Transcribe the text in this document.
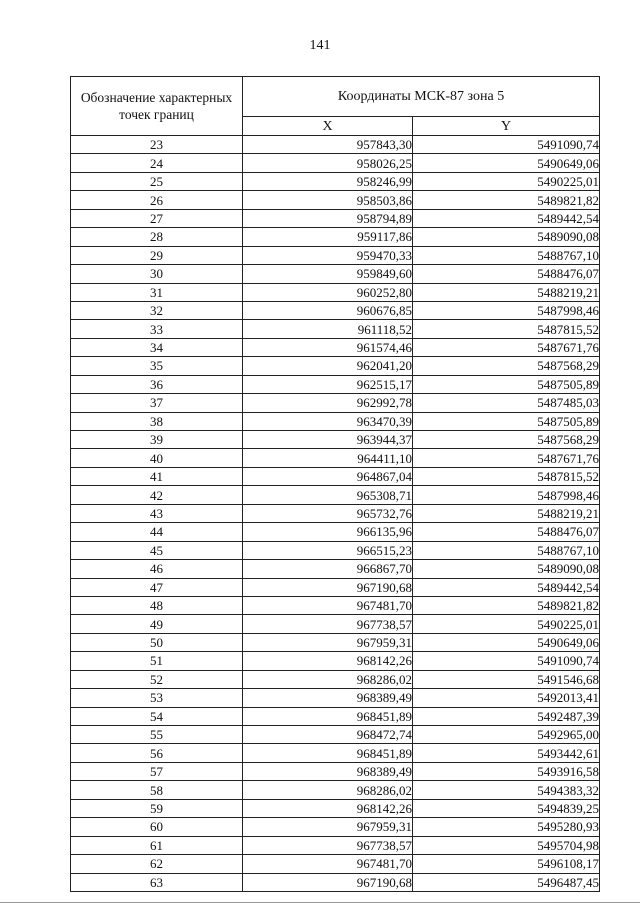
141
Обозначение характерных точек границ	Координаты МСК-87 зона 5	
	X	Y
23	957843,30	5491090,74
24	958026,25	5490649,06
25	958246,99	5490225,01
26	958503,86	5489821,82
27	958794,89	5489442,54
28	959117,86	5489090,08
29	959470,33	5488767,10
30	959849,60	5488476,07
31	960252,80	5488219,21
32	960676,85	5487998,46
33	961118,52	5487815,52
34	961574,46	5487671,76
35	962041,20	5487568,29
36	962515,17	5487505,89
37	962992,78	5487485,03
38	963470,39	5487505,89
39	963944,37	5487568,29
40	964411,10	5487671,76
41	964867,04	5487815,52
42	965308,71	5487998,46
43	965732,76	5488219,21
44	966135,96	5488476,07
45	966515,23	5488767,10
46	966867,70	5489090,08
47	967190,68	5489442,54
48	967481,70	5489821,82
49	967738,57	5490225,01
50	967959,31	5490649,06
51	968142,26	5491090,74
52	968286,02	5491546,68
53	968389,49	5492013,41
54	968451,89	5492487,39
55	968472,74	5492965,00
56	968451,89	5493442,61
57	968389,49	5493916,58
58	968286,02	5494383,32
59	968142,26	5494839,25
60	967959,31	5495280,93
61	967738,57	5495704,98
62	967481,70	5496108,17
63	967190,68	5496487,45
